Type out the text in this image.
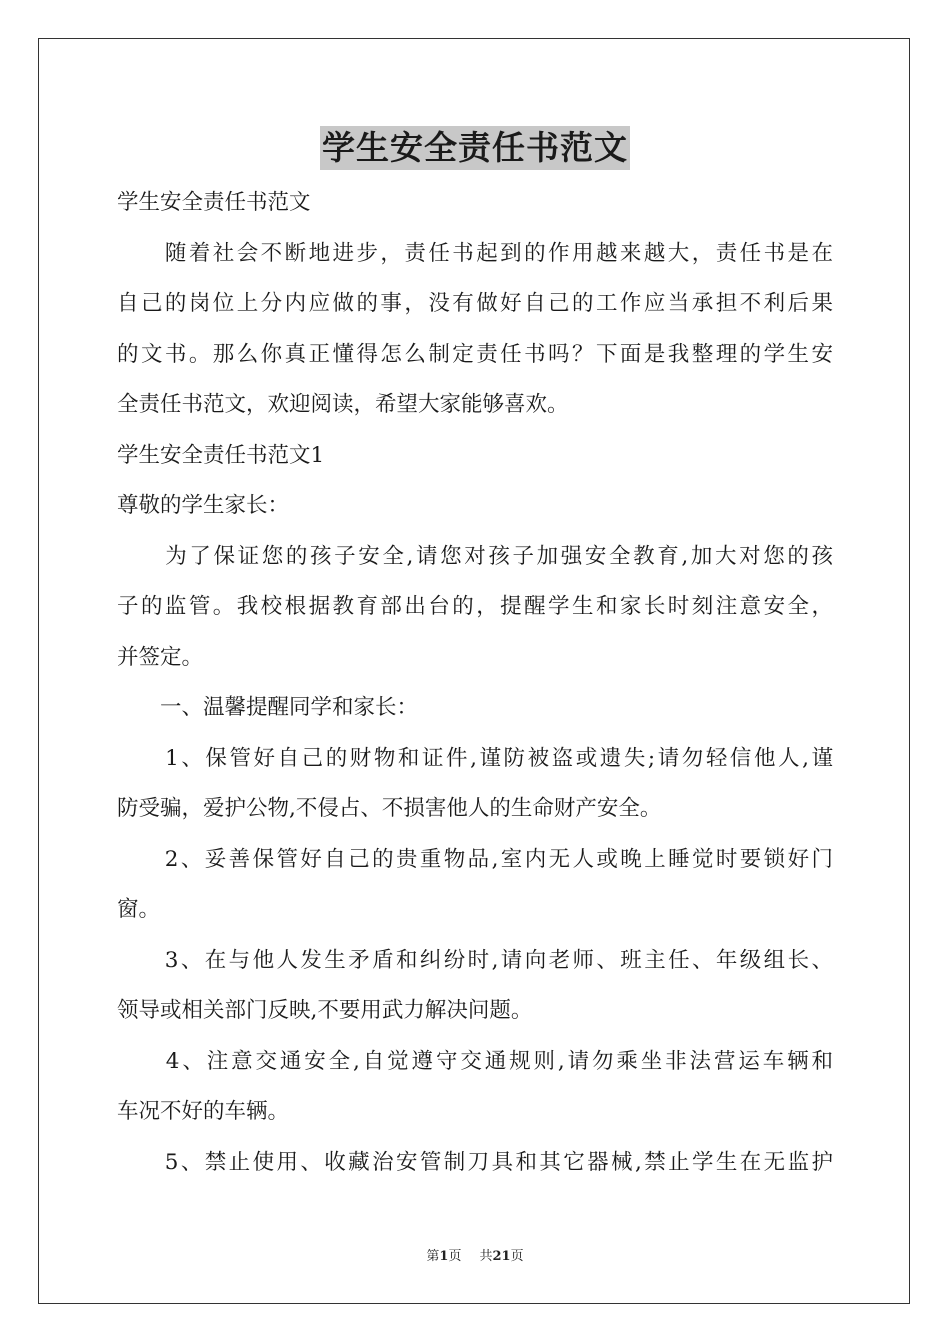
学生安全责任书范文
学生安全责任书范文
　　随着社会不断地进步，责任书起到的作用越来越大，责任书是在
自己的岗位上分内应做的事，没有做好自己的工作应当承担不利后果
的文书。那么你真正懂得怎么制定责任书吗？下面是我整理的学生安
全责任书范文，欢迎阅读，希望大家能够喜欢。
学生安全责任书范文1
尊敬的学生家长：
　　为了保证您的孩子安全,请您对孩子加强安全教育,加大对您的孩
子的监管。我校根据教育部出台的，提醒学生和家长时刻注意安全，
并签定。
　　一、温馨提醒同学和家长：
　　1、保管好自己的财物和证件,谨防被盗或遗失;请勿轻信他人,谨
防受骗，爱护公物,不侵占、不损害他人的生命财产安全。
　　2、妥善保管好自己的贵重物品,室内无人或晚上睡觉时要锁好门
窗。
　　3、在与他人发生矛盾和纠纷时,请向老师、班主任、年级组长、
领导或相关部门反映,不要用武力解决问题。
　　4、注意交通安全,自觉遵守交通规则,请勿乘坐非法营运车辆和
车况不好的车辆。
　　5、禁止使用、收藏治安管制刀具和其它器械,禁止学生在无监护
第1页 共21页
